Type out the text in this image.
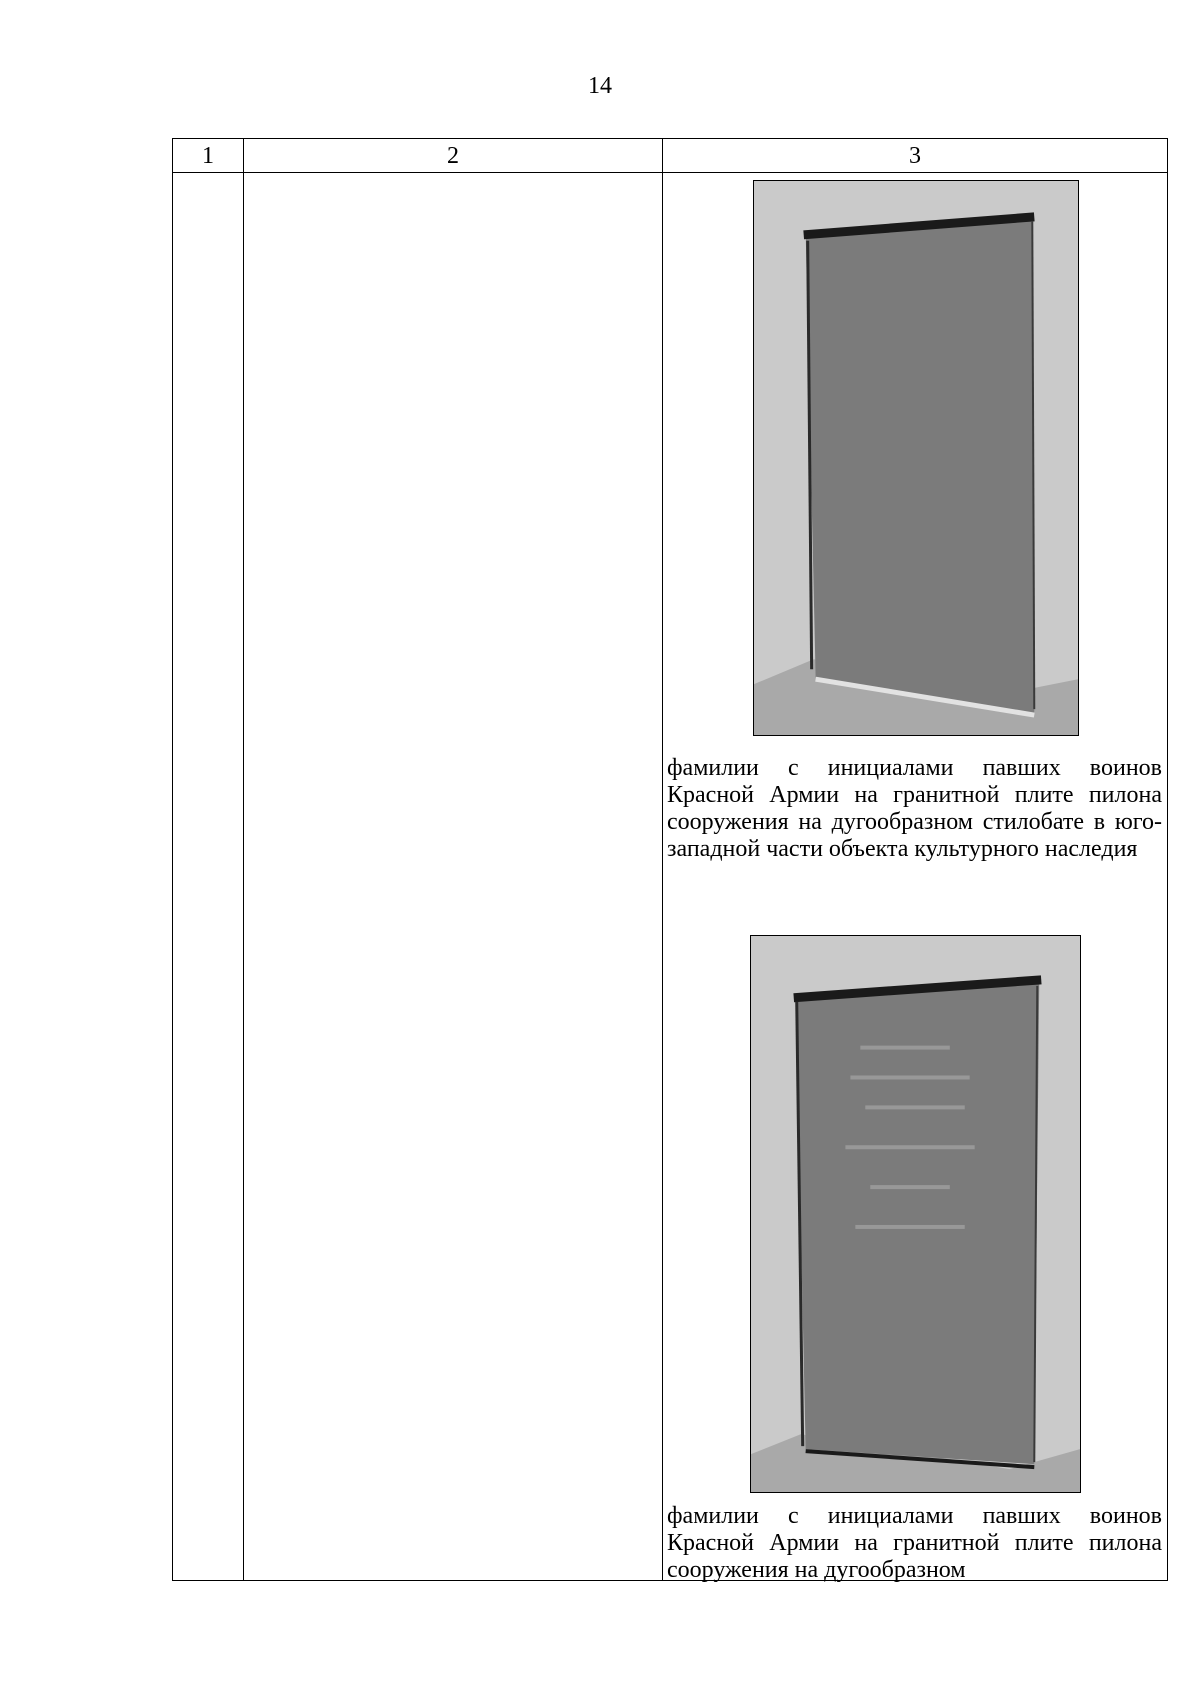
14
1	2	3

		фамилии с инициалами павших воинов Красной Армии на гранитной плите пилона сооружения на дугообразном стилобате в юго-западной части объекта культурного наследия
фамилии с инициалами павших воинов Красной Армии на гранитной плите пилона сооружения на дугообразном
